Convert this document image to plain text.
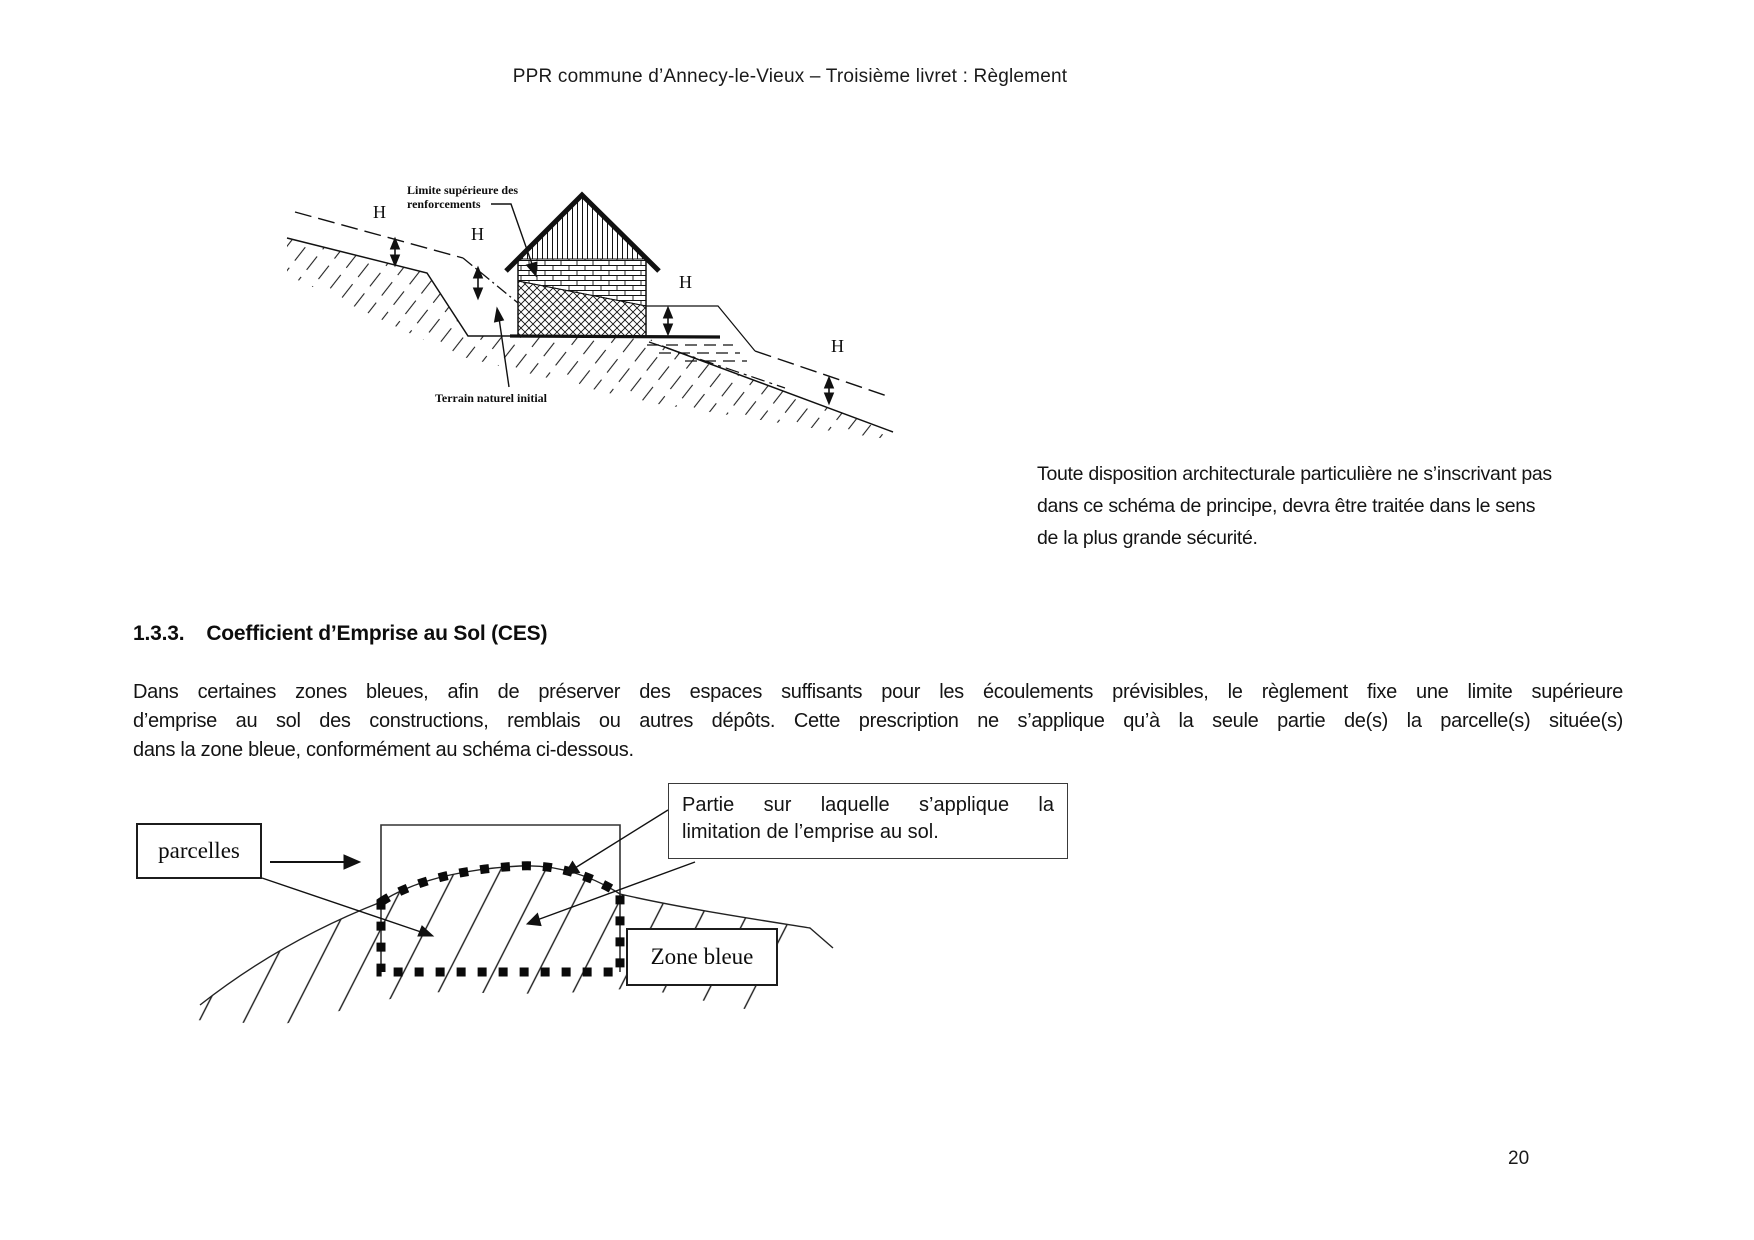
PPR commune d’Annecy-le-Vieux – Troisième livret : Règlement
H
H
H
H
Limite supérieure des
renforcements
Terrain naturel initial
Toute disposition architecturale particulière ne s’inscrivant pas
dans ce schéma de principe, devra être traitée dans le sens
de la plus grande sécurité.
1.3.3. Coefficient d’Emprise au Sol (CES)
Dans certaines zones bleues, afin de préserver des espaces suffisants pour les écoulements prévisibles, le règlement fixe une limite supérieure
d’emprise au sol des constructions, remblais ou autres dépôts. Cette prescription ne s’applique qu’à la seule partie de(s) la parcelle(s) située(s)
dans la zone bleue, conformément au schéma ci-dessous.
parcelles
Partie sur laquelle s’applique la
limitation de l’emprise au sol.
Zone bleue
20
